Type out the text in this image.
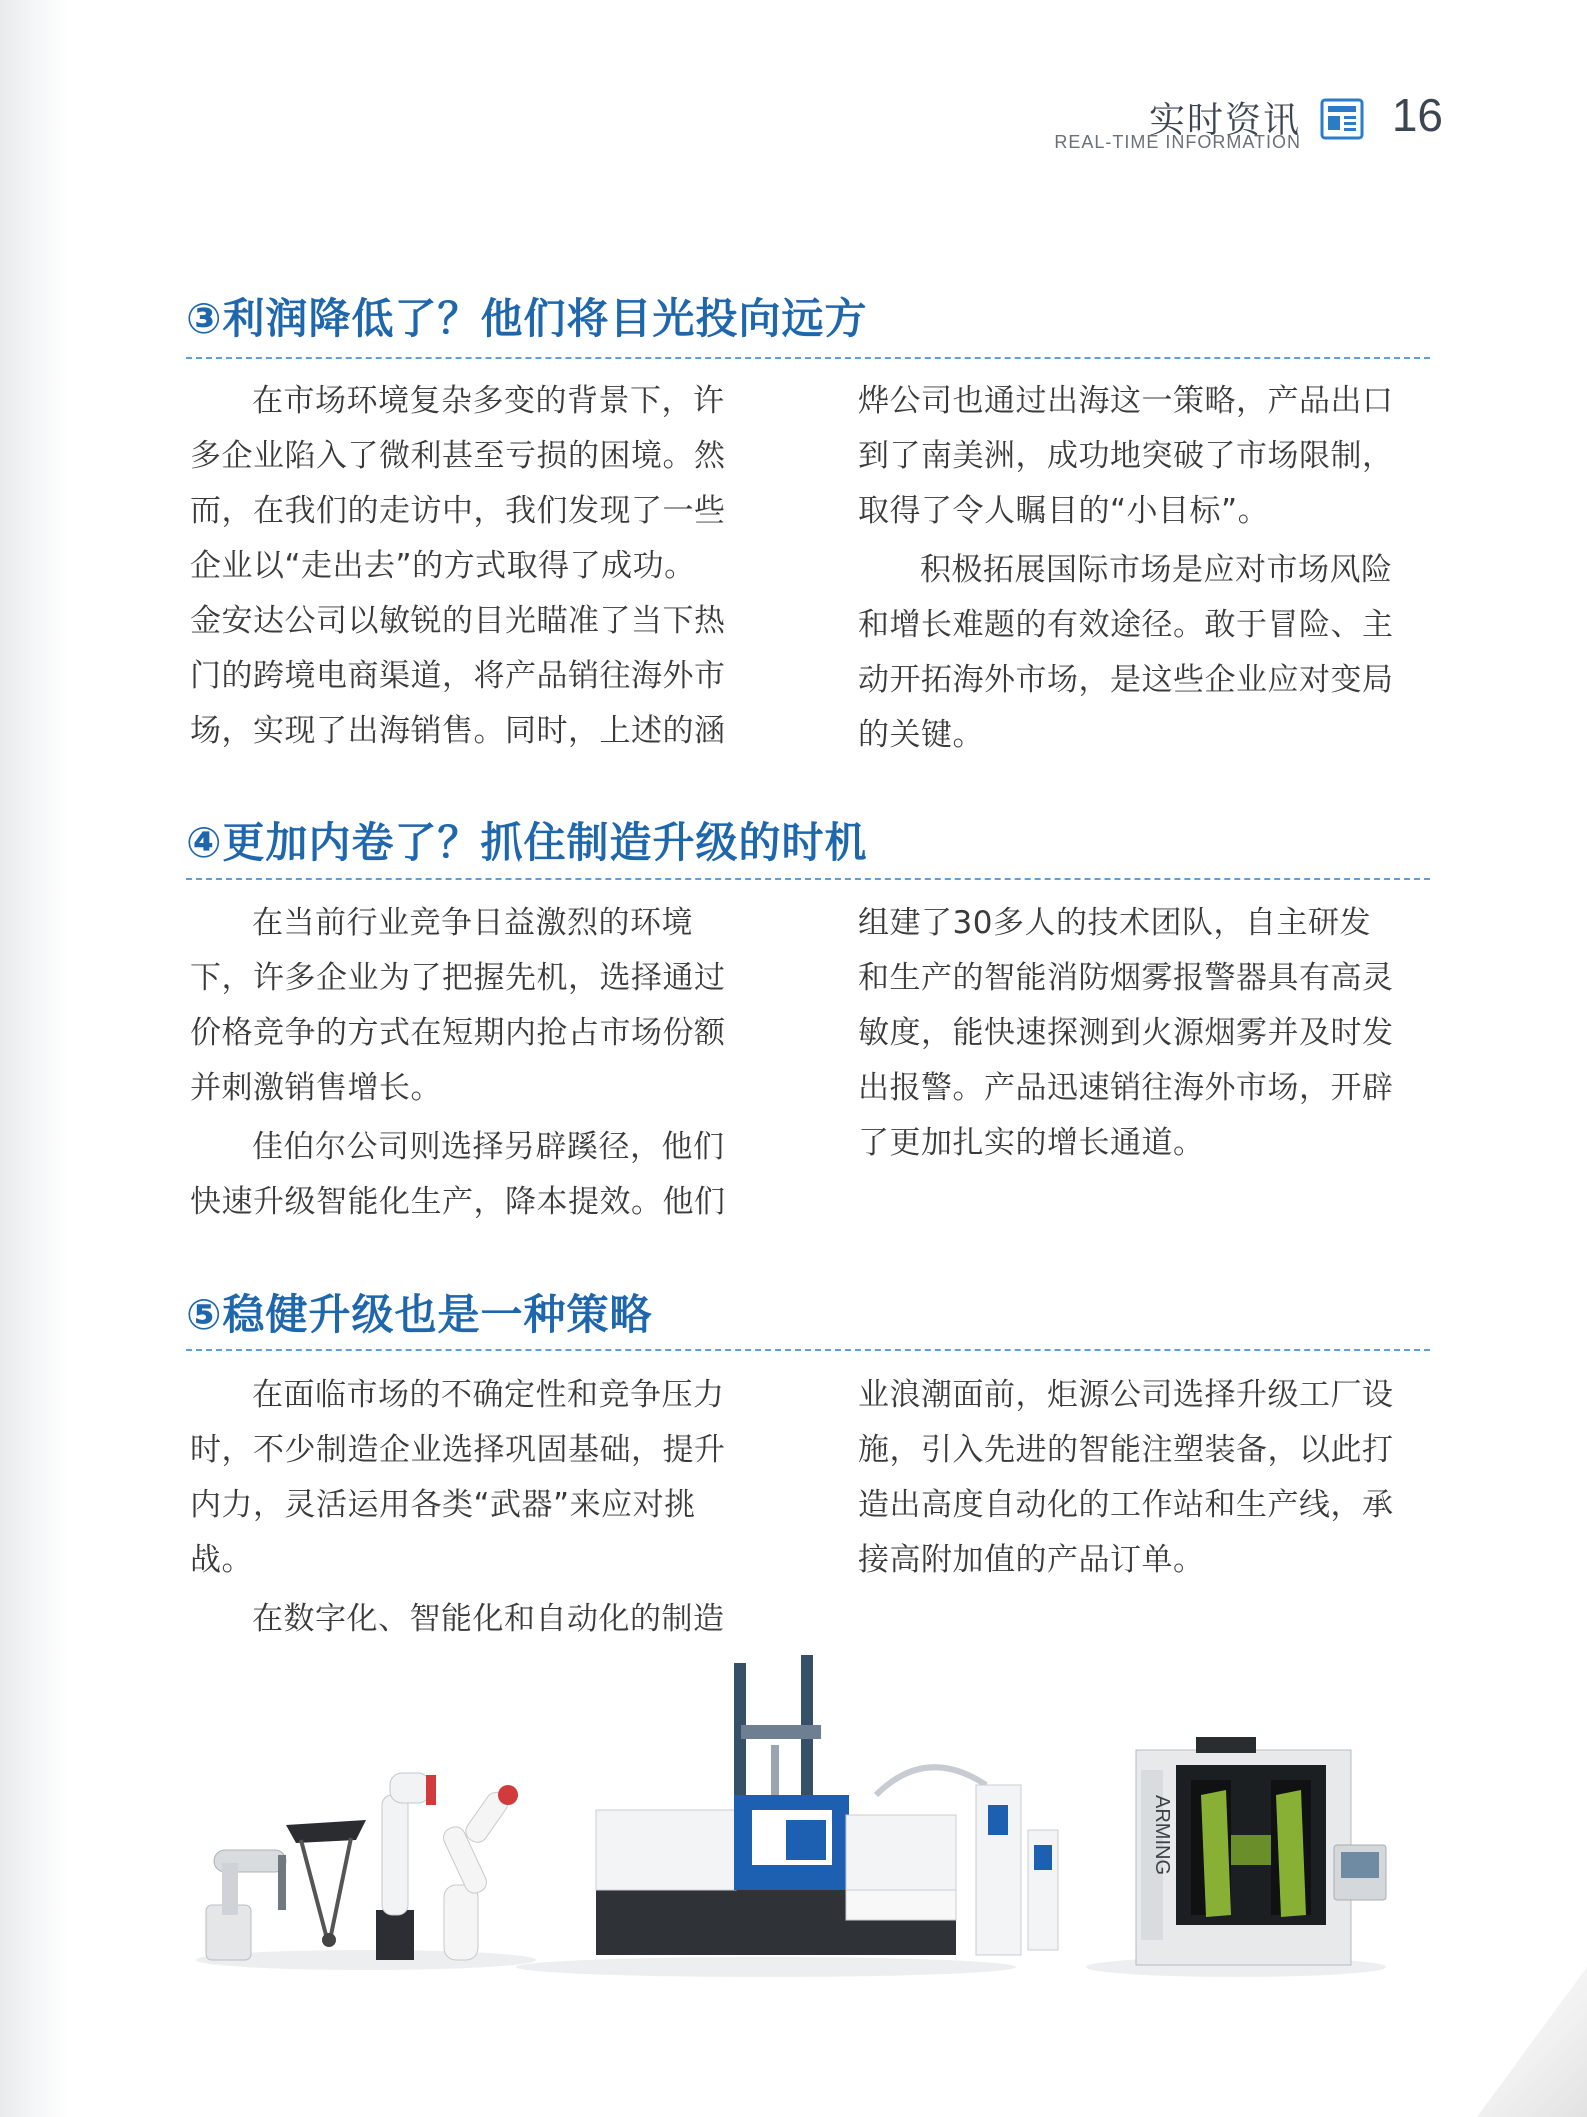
实时资讯
REAL-TIME INFORMATION
16
③利润降低了？他们将目光投向远方

在市场环境复杂多变的背景下，许
多企业陷入了微利甚至亏损的困境。然
而，在我们的走访中，我们发现了一些
企业以“走出去”的方式取得了成功。
金安达公司以敏锐的目光瞄准了当下热
门的跨境电商渠道，将产品销往海外市
场，实现了出海销售。同时，上述的涵

烨公司也通过出海这一策略，产品出口
到了南美洲，成功地突破了市场限制，
取得了令人瞩目的“小目标”。

积极拓展国际市场是应对市场风险
和增长难题的有效途径。敢于冒险、主
动开拓海外市场，是这些企业应对变局
的关键。

④更加内卷了？抓住制造升级的时机

在当前行业竞争日益激烈的环境
下，许多企业为了把握先机，选择通过
价格竞争的方式在短期内抢占市场份额
并刺激销售增长。

佳伯尔公司则选择另辟蹊径，他们
快速升级智能化生产，降本提效。他们

组建了30多人的技术团队，自主研发
和生产的智能消防烟雾报警器具有高灵
敏度，能快速探测到火源烟雾并及时发
出报警。产品迅速销往海外市场，开辟
了更加扎实的增长通道。

⑤稳健升级也是一种策略

在面临市场的不确定性和竞争压力
时，不少制造企业选择巩固基础，提升
内力，灵活运用各类“武器”来应对挑
战。

在数字化、智能化和自动化的制造

业浪潮面前，炬源公司选择升级工厂设
施，引入先进的智能注塑装备，以此打
造出高度自动化的工作站和生产线，承
接高附加值的产品订单。

ARMING
